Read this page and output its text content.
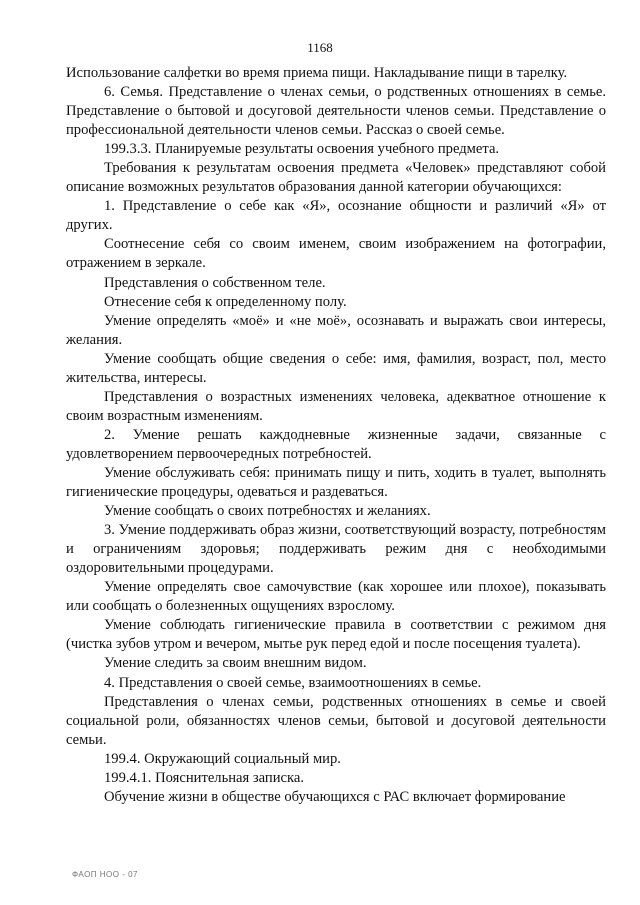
1168

Использование салфетки во время приема пищи. Накладывание пищи в тарелку.

6. Семья. Представление о членах семьи, о родственных отношениях в семье. Представление о бытовой и досуговой деятельности членов семьи. Представление о профессиональной деятельности членов семьи. Рассказ о своей семье.

199.3.3. Планируемые результаты освоения учебного предмета.

Требования к результатам освоения предмета «Человек» представляют собой описание возможных результатов образования данной категории обучающихся:

1. Представление о себе как «Я», осознание общности и различий «Я» от других.

Соотнесение себя со своим именем, своим изображением на фотографии, отражением в зеркале.

Представления о собственном теле.

Отнесение себя к определенному полу.

Умение определять «моё» и «не моё», осознавать и выражать свои интересы, желания.

Умение сообщать общие сведения о себе: имя, фамилия, возраст, пол, место жительства, интересы.

Представления о возрастных изменениях человека, адекватное отношение к своим возрастным изменениям.

2. Умение решать каждодневные жизненные задачи, связанные с удовлетворением первоочередных потребностей.

Умение обслуживать себя: принимать пищу и пить, ходить в туалет, выполнять гигиенические процедуры, одеваться и раздеваться.

Умение сообщать о своих потребностях и желаниях.

3. Умение поддерживать образ жизни, соответствующий возрасту, потребностям и ограничениям здоровья; поддерживать режим дня с необходимыми оздоровительными процедурами.

Умение определять свое самочувствие (как хорошее или плохое), показывать или сообщать о болезненных ощущениях взрослому.

Умение соблюдать гигиенические правила в соответствии с режимом дня (чистка зубов утром и вечером, мытье рук перед едой и после посещения туалета).

Умение следить за своим внешним видом.

4. Представления о своей семье, взаимоотношениях в семье.

Представления о членах семьи, родственных отношениях в семье и своей социальной роли, обязанностях членов семьи, бытовой и досуговой деятельности семьи.

199.4. Окружающий социальный мир.

199.4.1. Пояснительная записка.

Обучение жизни в обществе обучающихся с РАС включает формирование

ФАОП НОО - 07
